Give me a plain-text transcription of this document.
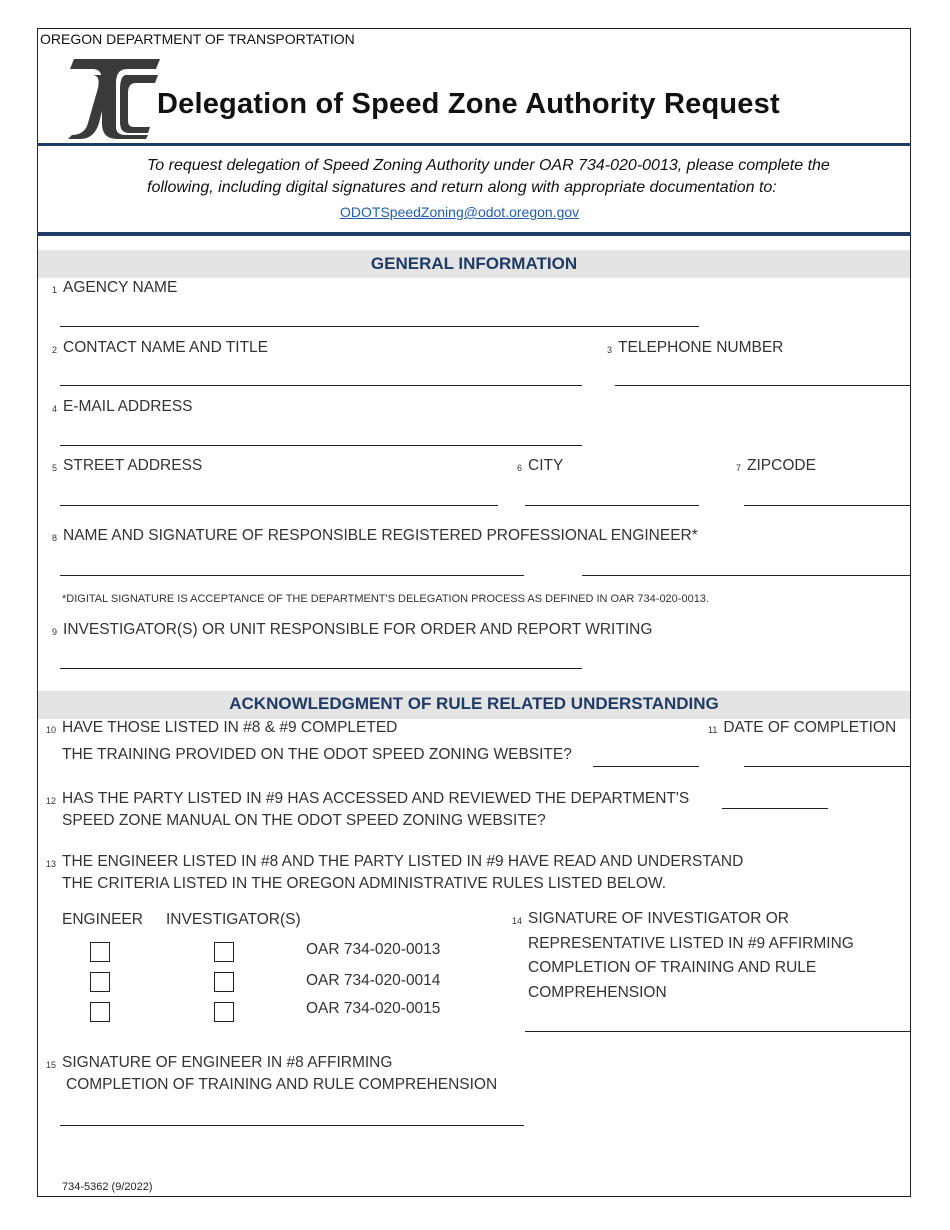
OREGON DEPARTMENT OF TRANSPORTATION
Delegation of Speed Zone Authority Request
To request delegation of Speed Zoning Authority under OAR 734-020-0013, please complete the following, including digital signatures and return along with appropriate documentation to:
ODOTSpeedZoning@odot.oregon.gov
GENERAL INFORMATION
$^1$ AGENCY NAME
$^2$ CONTACT NAME AND TITLE	$^3$ TELEPHONE NUMBER
$^4$ E-MAIL ADDRESS
$^5$ STREET ADDRESS	$^6$ CITY	$^7$ ZIPCODE
$^8$ NAME AND SIGNATURE OF RESPONSIBLE REGISTERED PROFESSIONAL ENGINEER*
*DIGITAL SIGNATURE IS ACCEPTANCE OF THE DEPARTMENT'S DELEGATION PROCESS AS DEFINED IN OAR 734-020-0013.
$^9$ INVESTIGATOR(S) OR UNIT RESPONSIBLE FOR ORDER AND REPORT WRITING
ACKNOWLEDGMENT OF RULE RELATED UNDERSTANDING
$^{10}$ HAVE THOSE LISTED IN #8 & #9 COMPLETED
THE TRAINING PROVIDED ON THE ODOT SPEED ZONING WEBSITE?
$^{11}$ DATE OF COMPLETION
$^{12}$ HAS THE PARTY LISTED IN #9 HAS ACCESSED AND REVIEWED THE DEPARTMENT'S
SPEED ZONE MANUAL ON THE ODOT SPEED ZONING WEBSITE?
$^{13}$ THE ENGINEER LISTED IN #8 AND THE PARTY LISTED IN #9 HAVE READ AND UNDERSTAND
THE CRITERIA LISTED IN THE OREGON ADMINISTRATIVE RULES LISTED BELOW.
ENGINEER INVESTIGATOR(S)
OAR 734-020-0013
OAR 734-020-0014
OAR 734-020-0015
$^{14}$ SIGNATURE OF INVESTIGATOR OR
REPRESENTATIVE LISTED IN #9 AFFIRMING
COMPLETION OF TRAINING AND RULE
COMPREHENSION
$^{15}$ SIGNATURE OF ENGINEER IN #8 AFFIRMING
COMPLETION OF TRAINING AND RULE COMPREHENSION
734-5362 (9/2022)
